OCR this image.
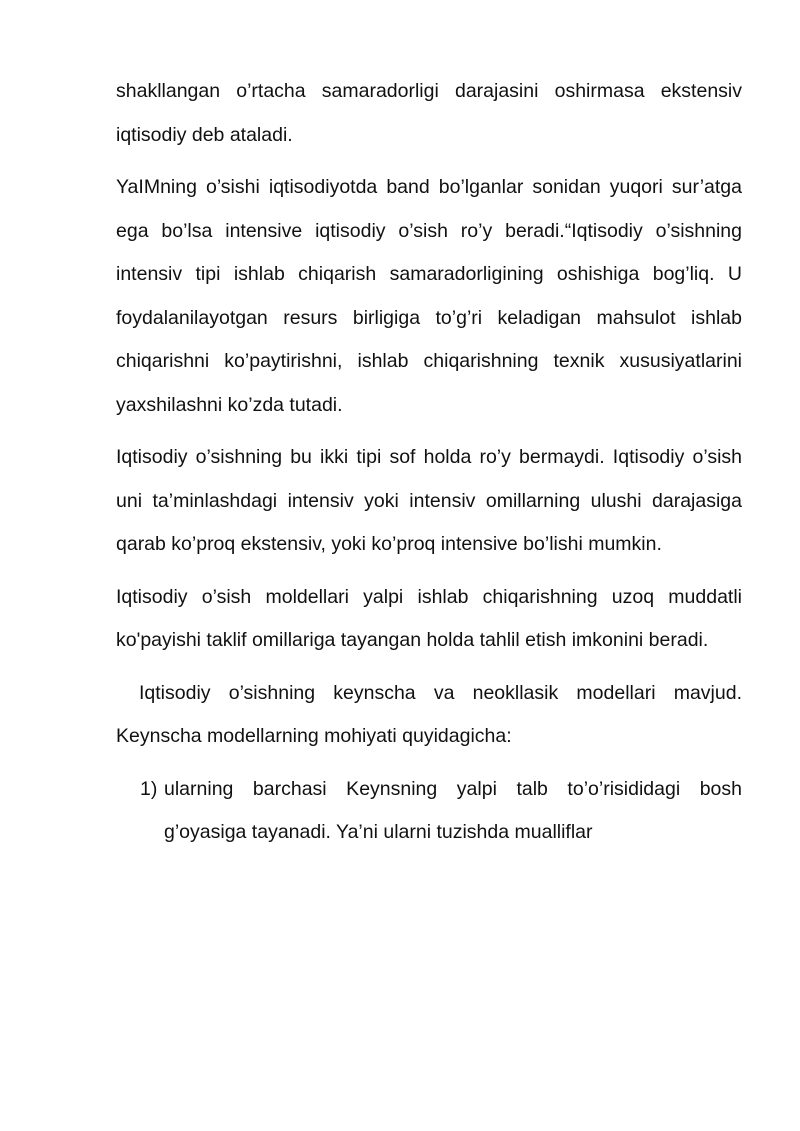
shakllangan o’rtacha samaradorligi darajasini oshirmasa ekstensiv iqtisodiy deb ataladi.

YaIMning o’sishi iqtisodiyotda band bo’lganlar sonidan yuqori sur’atga ega bo’lsa intensive iqtisodiy o’sish ro’y beradi.“Iqtisodiy o’sishning intensiv tipi ishlab chiqarish samaradorligining oshishiga bog’liq. U foydalanilayotgan resurs birligiga to’g’ri keladigan mahsulot ishlab chiqarishni ko’paytirishni, ishlab chiqarishning texnik xususiyatlarini yaxshilashni ko’zda tutadi.

Iqtisodiy o’sishning bu ikki tipi sof holda ro’y bermaydi. Iqtisodiy o’sish uni ta’minlashdagi intensiv yoki intensiv omillarning ulushi darajasiga qarab ko’proq ekstensiv, yoki ko’proq intensive bo’lishi mumkin.

Iqtisodiy o’sish moldellari yalpi ishlab chiqarishning uzoq muddatli ko'payishi taklif omillariga tayangan holda tahlil etish imkonini beradi.

Iqtisodiy o’sishning keynscha va neokllasik modellari mavjud. Keynscha modellarning mohiyati quyidagicha:

1) ularning barchasi Keynsning yalpi talb to’o’risididagi bosh g’oyasiga tayanadi. Ya’ni ularni tuzishda mualliflar
